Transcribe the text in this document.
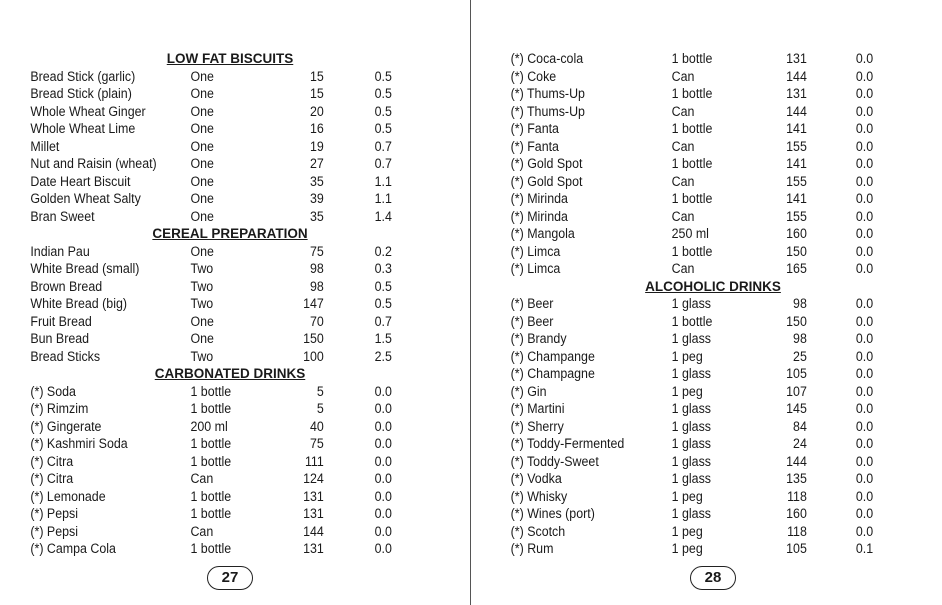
LOW FAT BISCUITS
Bread Stick (garlic)	One	15	0.5
Bread Stick (plain)	One	15	0.5
Whole Wheat Ginger	One	20	0.5
Whole Wheat Lime	One	16	0.5
Millet	One	19	0.7
Nut and Raisin (wheat) One	27	0.7
Date Heart Biscuit	One	35	1.1
Golden Wheat Salty	One	39	1.1
Bran Sweet	One	35	1.4
CEREAL PREPARATION
Indian Pau	One	75	0.2
White Bread (small)	Two	98	0.3
Brown Bread	Two	98	0.5
White Bread (big)	Two	147	0.5
Fruit Bread	One	70	0.7
Bun Bread	One	150	1.5
Bread Sticks	Two	100	2.5
CARBONATED DRINKS
(*) Soda	1 bottle	5	0.0
(*) Rimzim	1 bottle	5	0.0
(*) Gingerate	200 ml	40	0.0
(*) Kashmiri Soda	1 bottle	75	0.0
(*) Citra	1 bottle	111	0.0
(*) Citra	Can	124	0.0
(*) Lemonade	1 bottle	131	0.0
(*) Pepsi	1 bottle	131	0.0
(*) Pepsi	Can	144	0.0
(*) Campa Cola	1 bottle	131	0.0
27
(*) Coca-cola	1 bottle	131	0.0
(*) Coke	Can	144	0.0
(*) Thums-Up	1 bottle	131	0.0
(*) Thums-Up	Can	144	0.0
(*) Fanta	1 bottle	141	0.0
(*) Fanta	Can	155	0.0
(*) Gold Spot	1 bottle	141	0.0
(*) Gold Spot	Can	155	0.0
(*) Mirinda	1 bottle	141	0.0
(*) Mirinda	Can	155	0.0
(*) Mangola	250 ml	160	0.0
(*) Limca	1 bottle	150	0.0
(*) Limca	Can	165	0.0
ALCOHOLIC DRINKS
(*) Beer	1 glass	98	0.0
(*) Beer	1 bottle	150	0.0
(*) Brandy	1 glass	98	0.0
(*) Champange	1 peg	25	0.0
(*) Champagne	1 glass	105	0.0
(*) Gin	1 peg	107	0.0
(*) Martini	1 glass	145	0.0
(*) Sherry	1 glass	84	0.0
(*) Toddy-Fermented	1 glass	24	0.0
(*) Toddy-Sweet	1 glass	144	0.0
(*) Vodka	1 glass	135	0.0
(*) Whisky	1 peg	118	0.0
(*) Wines (port)	1 glass	160	0.0
(*) Scotch	1 peg	118	0.0
(*) Rum	1 peg	105	0.1
28
